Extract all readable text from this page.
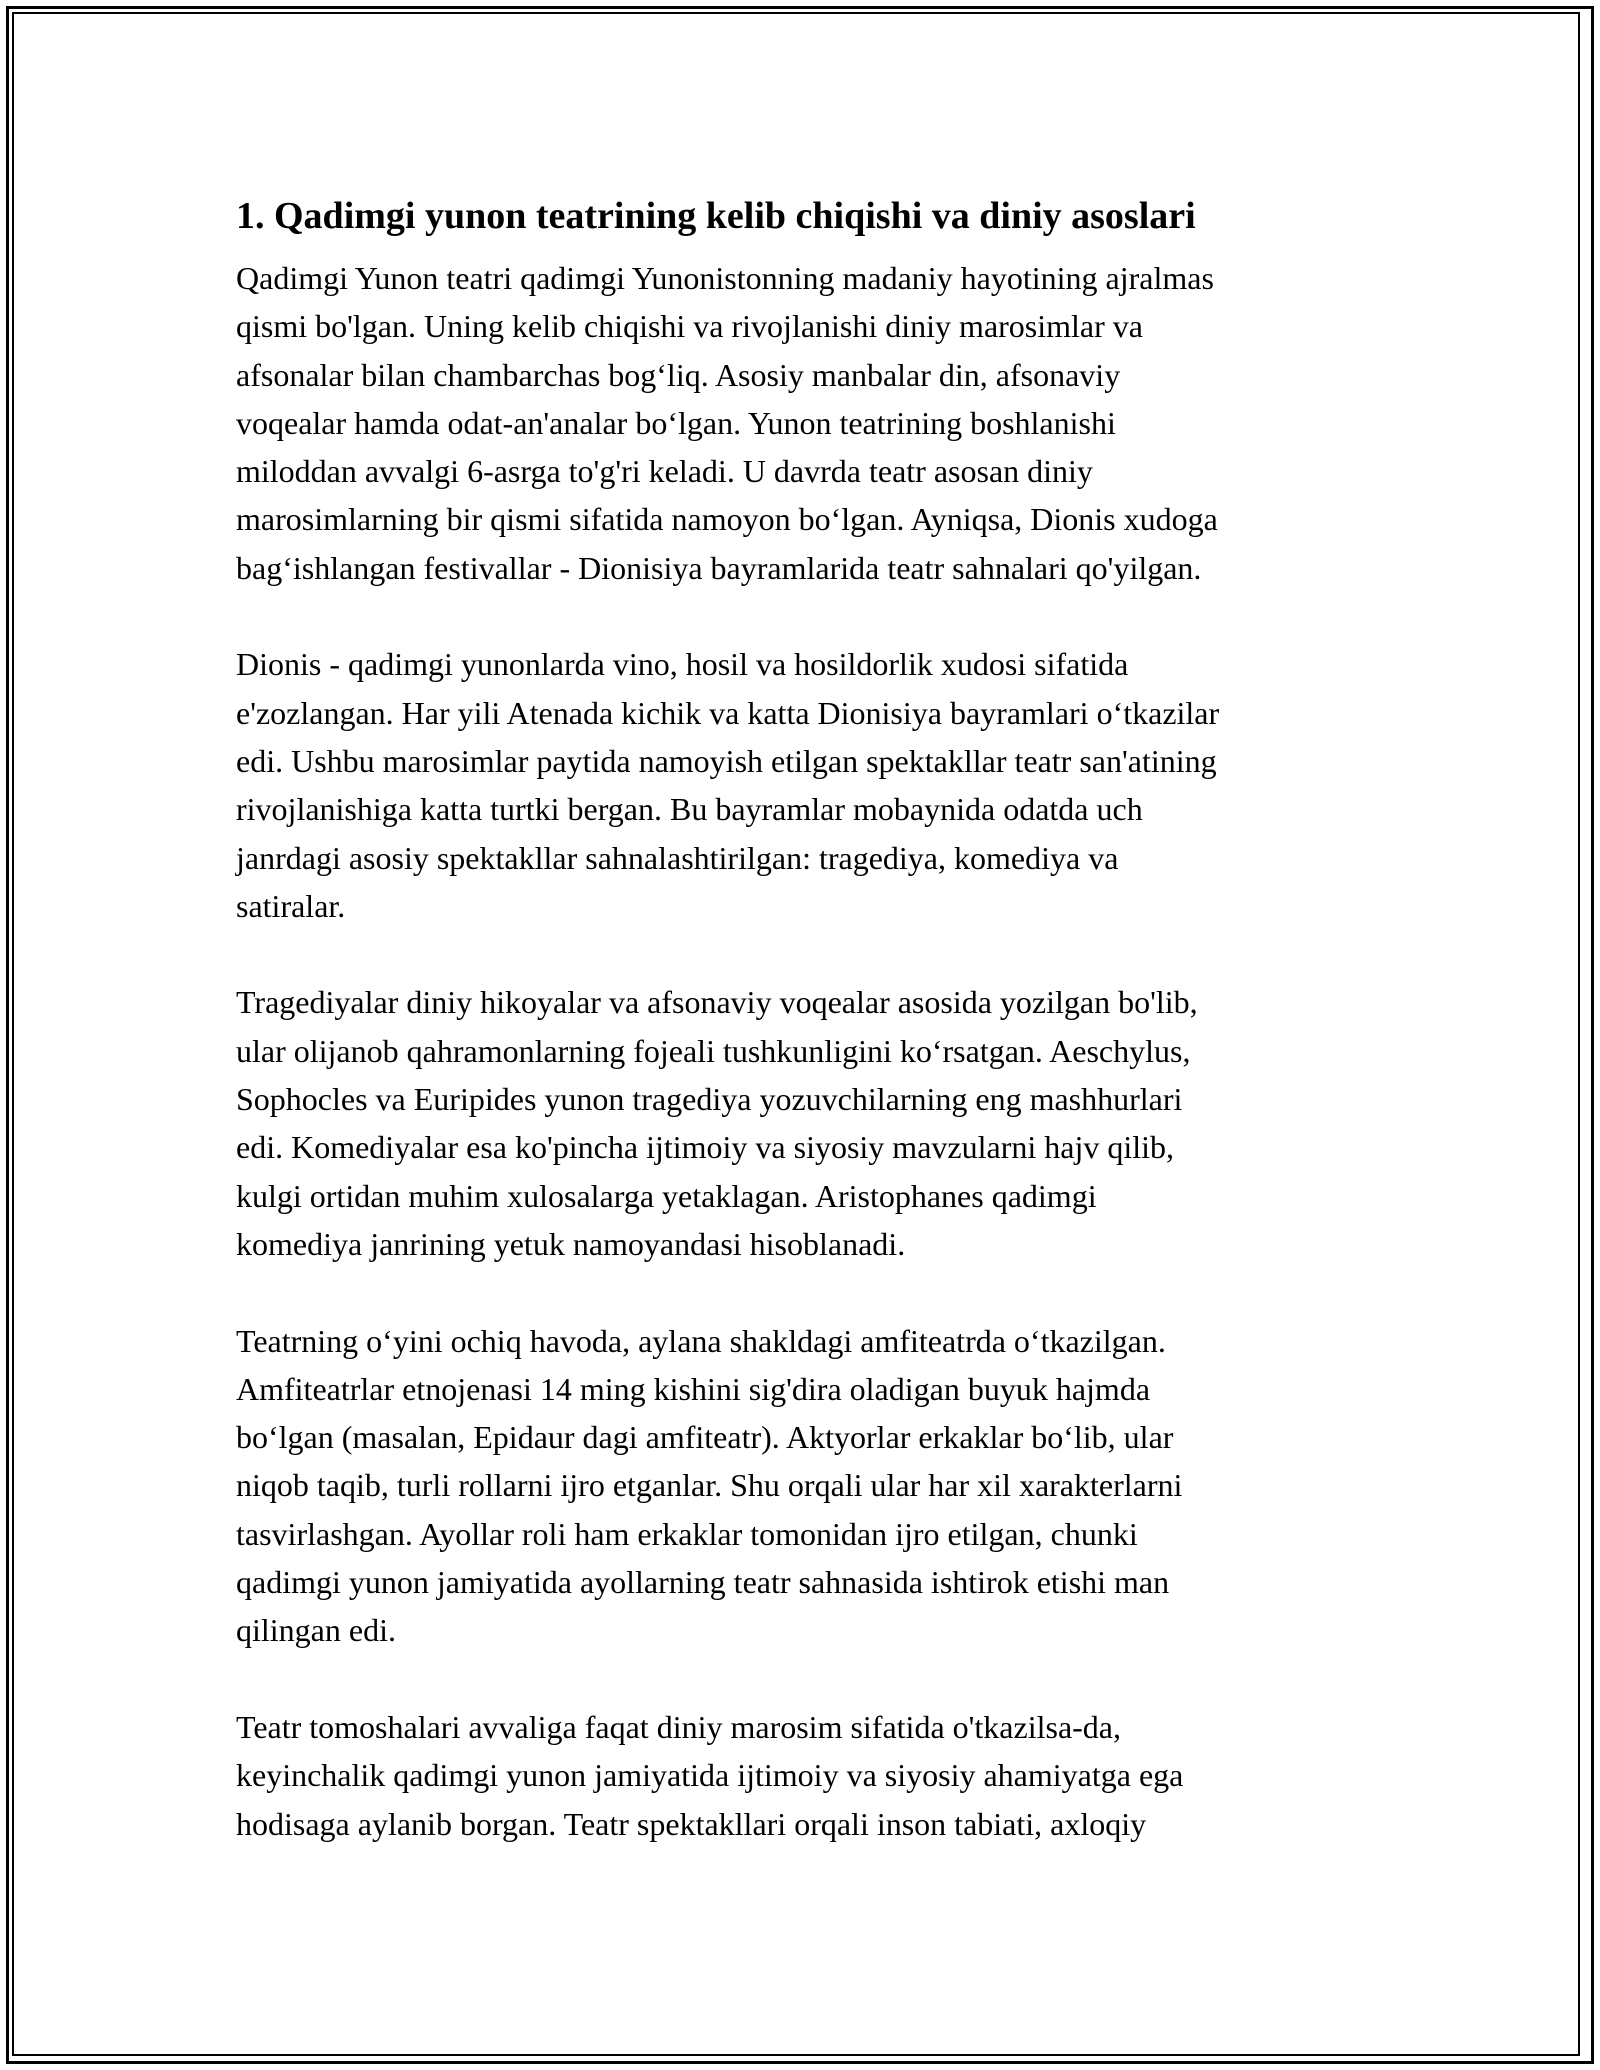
1. Qadimgi yunon teatrining kelib chiqishi va diniy asoslari

Qadimgi Yunon teatri qadimgi Yunonistonning madaniy hayotining ajralmas
qismi bo'lgan. Uning kelib chiqishi va rivojlanishi diniy marosimlar va
afsonalar bilan chambarchas bog‘liq. Asosiy manbalar din, afsonaviy
voqealar hamda odat-an'analar bo‘lgan. Yunon teatrining boshlanishi
miloddan avvalgi 6-asrga to'g'ri keladi. U davrda teatr asosan diniy
marosimlarning bir qismi sifatida namoyon bo‘lgan. Ayniqsa, Dionis xudoga
bag‘ishlangan festivallar - Dionisiya bayramlarida teatr sahnalari qo'yilgan.

Dionis - qadimgi yunonlarda vino, hosil va hosildorlik xudosi sifatida
e'zozlangan. Har yili Atenada kichik va katta Dionisiya bayramlari o‘tkazilar
edi. Ushbu marosimlar paytida namoyish etilgan spektakllar teatr san'atining
rivojlanishiga katta turtki bergan. Bu bayramlar mobaynida odatda uch
janrdagi asosiy spektakllar sahnalashtirilgan: tragediya, komediya va
satiralar.

Tragediyalar diniy hikoyalar va afsonaviy voqealar asosida yozilgan bo'lib,
ular olijanob qahramonlarning fojeali tushkunligini ko‘rsatgan. Aeschylus,
Sophocles va Euripides yunon tragediya yozuvchilarning eng mashhurlari
edi. Komediyalar esa ko'pincha ijtimoiy va siyosiy mavzularni hajv qilib,
kulgi ortidan muhim xulosalarga yetaklagan. Aristophanes qadimgi
komediya janrining yetuk namoyandasi hisoblanadi.

Teatrning o‘yini ochiq havoda, aylana shakldagi amfiteatrda o‘tkazilgan.
Amfiteatrlar etnojenasi 14 ming kishini sig'dira oladigan buyuk hajmda
bo‘lgan (masalan, Epidaur dagi amfiteatr). Aktyorlar erkaklar bo‘lib, ular
niqob taqib, turli rollarni ijro etganlar. Shu orqali ular har xil xarakterlarni
tasvirlashgan. Ayollar roli ham erkaklar tomonidan ijro etilgan, chunki
qadimgi yunon jamiyatida ayollarning teatr sahnasida ishtirok etishi man
qilingan edi.

Teatr tomoshalari avvaliga faqat diniy marosim sifatida o'tkazilsa-da,
keyinchalik qadimgi yunon jamiyatida ijtimoiy va siyosiy ahamiyatga ega
hodisaga aylanib borgan. Teatr spektakllari orqali inson tabiati, axloqiy
